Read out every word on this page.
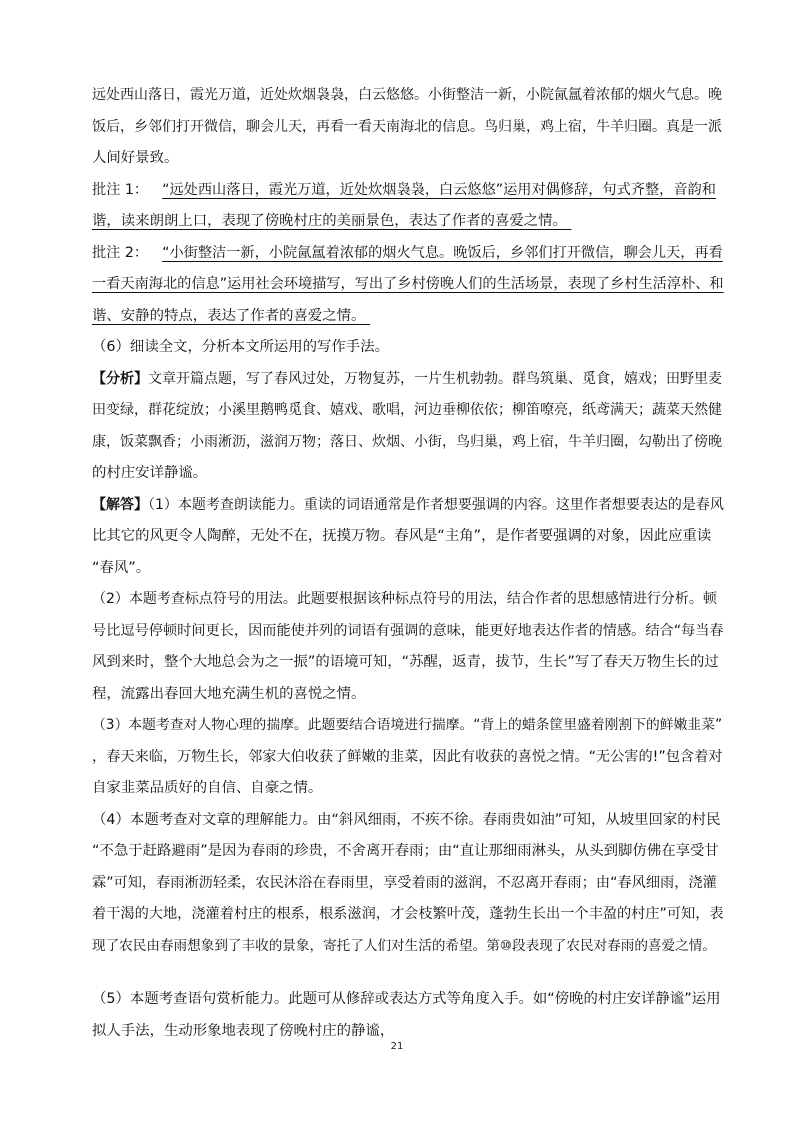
远处西山落日，霞光万道，近处炊烟袅袅，白云悠悠。小街整洁一新，小院氤氲着浓郁的烟火气息。晚
饭后，乡邻们打开微信，聊会儿天，再看一看天南海北的信息。鸟归巢，鸡上宿，牛羊归圈。真是一派
人间好景致。

批注 1： “远处西山落日，霞光万道，近处炊烟袅袅，白云悠悠”运用对偶修辞，句式齐整，音韵和
谐，读来朗朗上口，表现了傍晚村庄的美丽景色，表达了作者的喜爱之情。

批注 2： “小街整洁一新，小院氤氲着浓郁的烟火气息。晚饭后，乡邻们打开微信，聊会儿天，再看
一看天南海北的信息”运用社会环境描写，写出了乡村傍晚人们的生活场景，表现了乡村生活淳朴、和
谐、安静的特点，表达了作者的喜爱之情。

（6）细读全文，分析本文所运用的写作手法。

【分析】文章开篇点题，写了春风过处，万物复苏，一片生机勃勃。群鸟筑巢、觅食，嬉戏；田野里麦
田变绿，群花绽放；小溪里鹅鸭觅食、嬉戏、歌唱，河边垂柳依依；柳笛嘹亮，纸鸢满天；蔬菜天然健
康，饭菜飘香；小雨淅沥，滋润万物；落日、炊烟、小街，鸟归巢，鸡上宿，牛羊归圈，勾勒出了傍晚
的村庄安详静谧。

【解答】（1）本题考查朗读能力。重读的词语通常是作者想要强调的内容。这里作者想要表达的是春风
比其它的风更令人陶醉，无处不在，抚摸万物。春风是“主角”，是作者要强调的对象，因此应重读
“春风”。

（2）本题考查标点符号的用法。此题要根据该种标点符号的用法，结合作者的思想感情进行分析。顿
号比逗号停顿时间更长，因而能使并列的词语有强调的意味，能更好地表达作者的情感。结合“每当春
风到来时，整个大地总会为之一振”的语境可知，“苏醒，返青，拔节，生长”写了春天万物生长的过
程，流露出春回大地充满生机的喜悦之情。

（3）本题考查对人物心理的揣摩。此题要结合语境进行揣摩。“背上的蜡条筐里盛着刚割下的鲜嫩韭菜”
，春天来临，万物生长，邻家大伯收获了鲜嫩的韭菜，因此有收获的喜悦之情。“无公害的!”包含着对
自家韭菜品质好的自信、自豪之情。

（4）本题考查对文章的理解能力。由“斜风细雨，不疾不徐。春雨贵如油”可知，从坡里回家的村民
“不急于赶路避雨”是因为春雨的珍贵，不舍离开春雨；由“直让那细雨淋头，从头到脚仿佛在享受甘
霖”可知，春雨淅沥轻柔，农民沐浴在春雨里，享受着雨的滋润，不忍离开春雨；由“春风细雨，浇灌
着干渴的大地，浇灌着村庄的根系，根系滋润，才会枝繁叶茂，蓬勃生长出一个丰盈的村庄”可知，表
现了农民由春雨想象到了丰收的景象，寄托了人们对生活的希望。第⑩段表现了农民对春雨的喜爱之情。

（5）本题考查语句赏析能力。此题可从修辞或表达方式等角度入手。如“傍晚的村庄安详静谧”运用
拟人手法，生动形象地表现了傍晚村庄的静谧，

21
